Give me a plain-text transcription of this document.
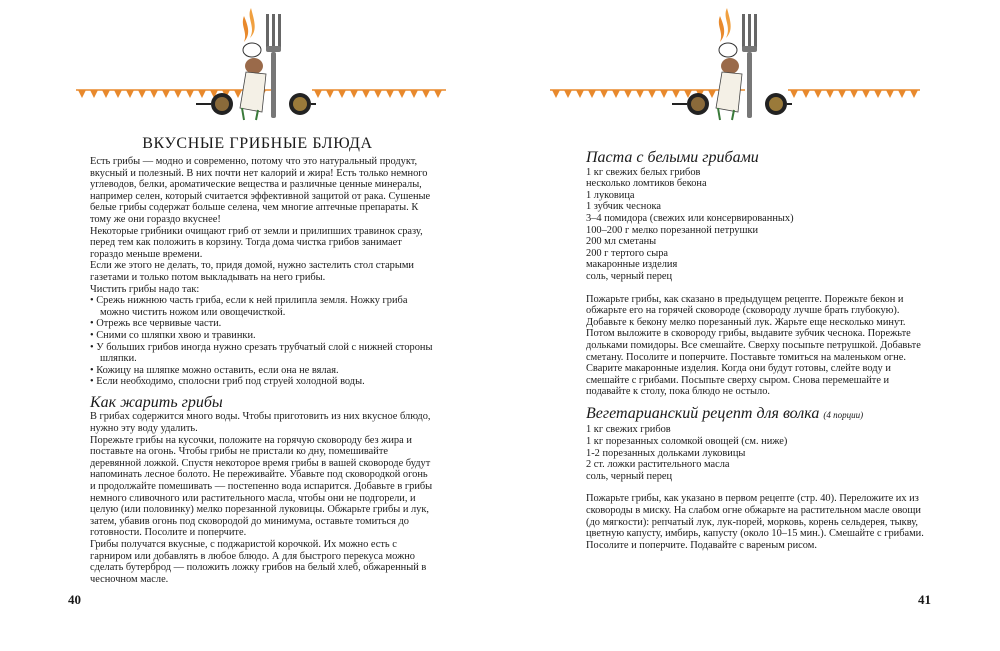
ВКУСНЫЕ ГРИБНЫЕ БЛЮДА

Есть грибы — модно и современно, потому что это натуральный продукт, вкусный и полезный. В них почти нет калорий и жира! Есть только немного углеводов, белки, ароматические вещества и различные ценные минералы, например селен, который считается эффективной защитой от рака. Сушеные белые грибы содержат больше селена, чем многие аптечные препараты. К тому же они гораздо вкуснее!

Некоторые грибники очищают гриб от земли и прилипших травинок сразу, перед тем как положить в корзину. Тогда дома чистка грибов занимает гораздо меньше времени.

Если же этого не делать, то, придя домой, нужно застелить стол старыми газетами и только потом выкладывать на него грибы.

Чистить грибы надо так:

• Срежь нижнюю часть гриба, если к ней прилипла земля. Ножку гриба можно чистить ножом или овощечисткой.

• Отрежь все червивые части.

• Сними со шляпки хвою и травинки.

• У больших грибов иногда нужно срезать трубчатый слой с нижней стороны шляпки.

• Кожицу на шляпке можно оставить, если она не вялая.

• Если необходимо, сполосни гриб под струей холодной воды.

Как жарить грибы

В грибах содержится много воды. Чтобы приготовить из них вкусное блюдо, нужно эту воду удалить.

Порежьте грибы на кусочки, положите на горячую сковороду без жира и поставьте на огонь. Чтобы грибы не пристали ко дну, помешивайте деревянной ложкой. Спустя некоторое время грибы в вашей сковороде будут напоминать лесное болото. Не переживайте. Убавьте под сковородкой огонь и продолжайте помешивать — постепенно вода испарится. Добавьте в грибы немного сливочного или растительного масла, чтобы они не подгорели, и целую (или половинку) мелко порезанной луковицы. Обжарьте грибы и лук, затем, убавив огонь под сковородой до минимума, оставьте томиться до готовности. Посолите и поперчите.

Грибы получатся вкусные, с поджаристой корочкой. Их можно есть с гарниром или добавлять в любое блюдо. А для быстрого перекуса можно сделать бутерброд — положить ложку грибов на белый хлеб, обжаренный в чесночном масле.

40

Паста с белыми грибами

1 кг свежих белых грибов

несколько ломтиков бекона

1 луковица

1 зубчик чеснока

3–4 помидора (свежих или консервированных)

100–200 г мелко порезанной петрушки

200 мл сметаны

200 г тертого сыра

макаронные изделия

соль, черный перец

Пожарьте грибы, как сказано в предыдущем рецепте. Порежьте бекон и обжарьте его на горячей сковороде (сковороду лучше брать глубокую). Добавьте к бекону мелко порезанный лук. Жарьте еще несколько минут. Потом выложите в сковороду грибы, выдавите зубчик чеснока. Порежьте дольками помидоры. Все смешайте. Сверху посыпьте петрушкой. Добавьте сметану. Посолите и поперчите. Поставьте томиться на маленьком огне.

Сварите макаронные изделия. Когда они будут готовы, слейте воду и смешайте с грибами. Посыпьте сверху сыром. Снова перемешайте и подавайте к столу, пока блюдо не остыло.

Вегетарианский рецепт для волка (4 порции)

1 кг свежих грибов

1 кг порезанных соломкой овощей (см. ниже)

1-2 порезанных дольками луковицы

2 ст. ложки растительного масла

соль, черный перец

Пожарьте грибы, как указано в первом рецепте (стр. 40). Переложите их из сковороды в миску. На слабом огне обжарьте на растительном масле овощи (до мягкости): репчатый лук, лук-порей, морковь, корень сельдерея, тыкву, цветную капусту, имбирь, капусту (около 10–15 мин.). Смешайте с грибами. Посолите и поперчите. Подавайте с вареным рисом.

41
